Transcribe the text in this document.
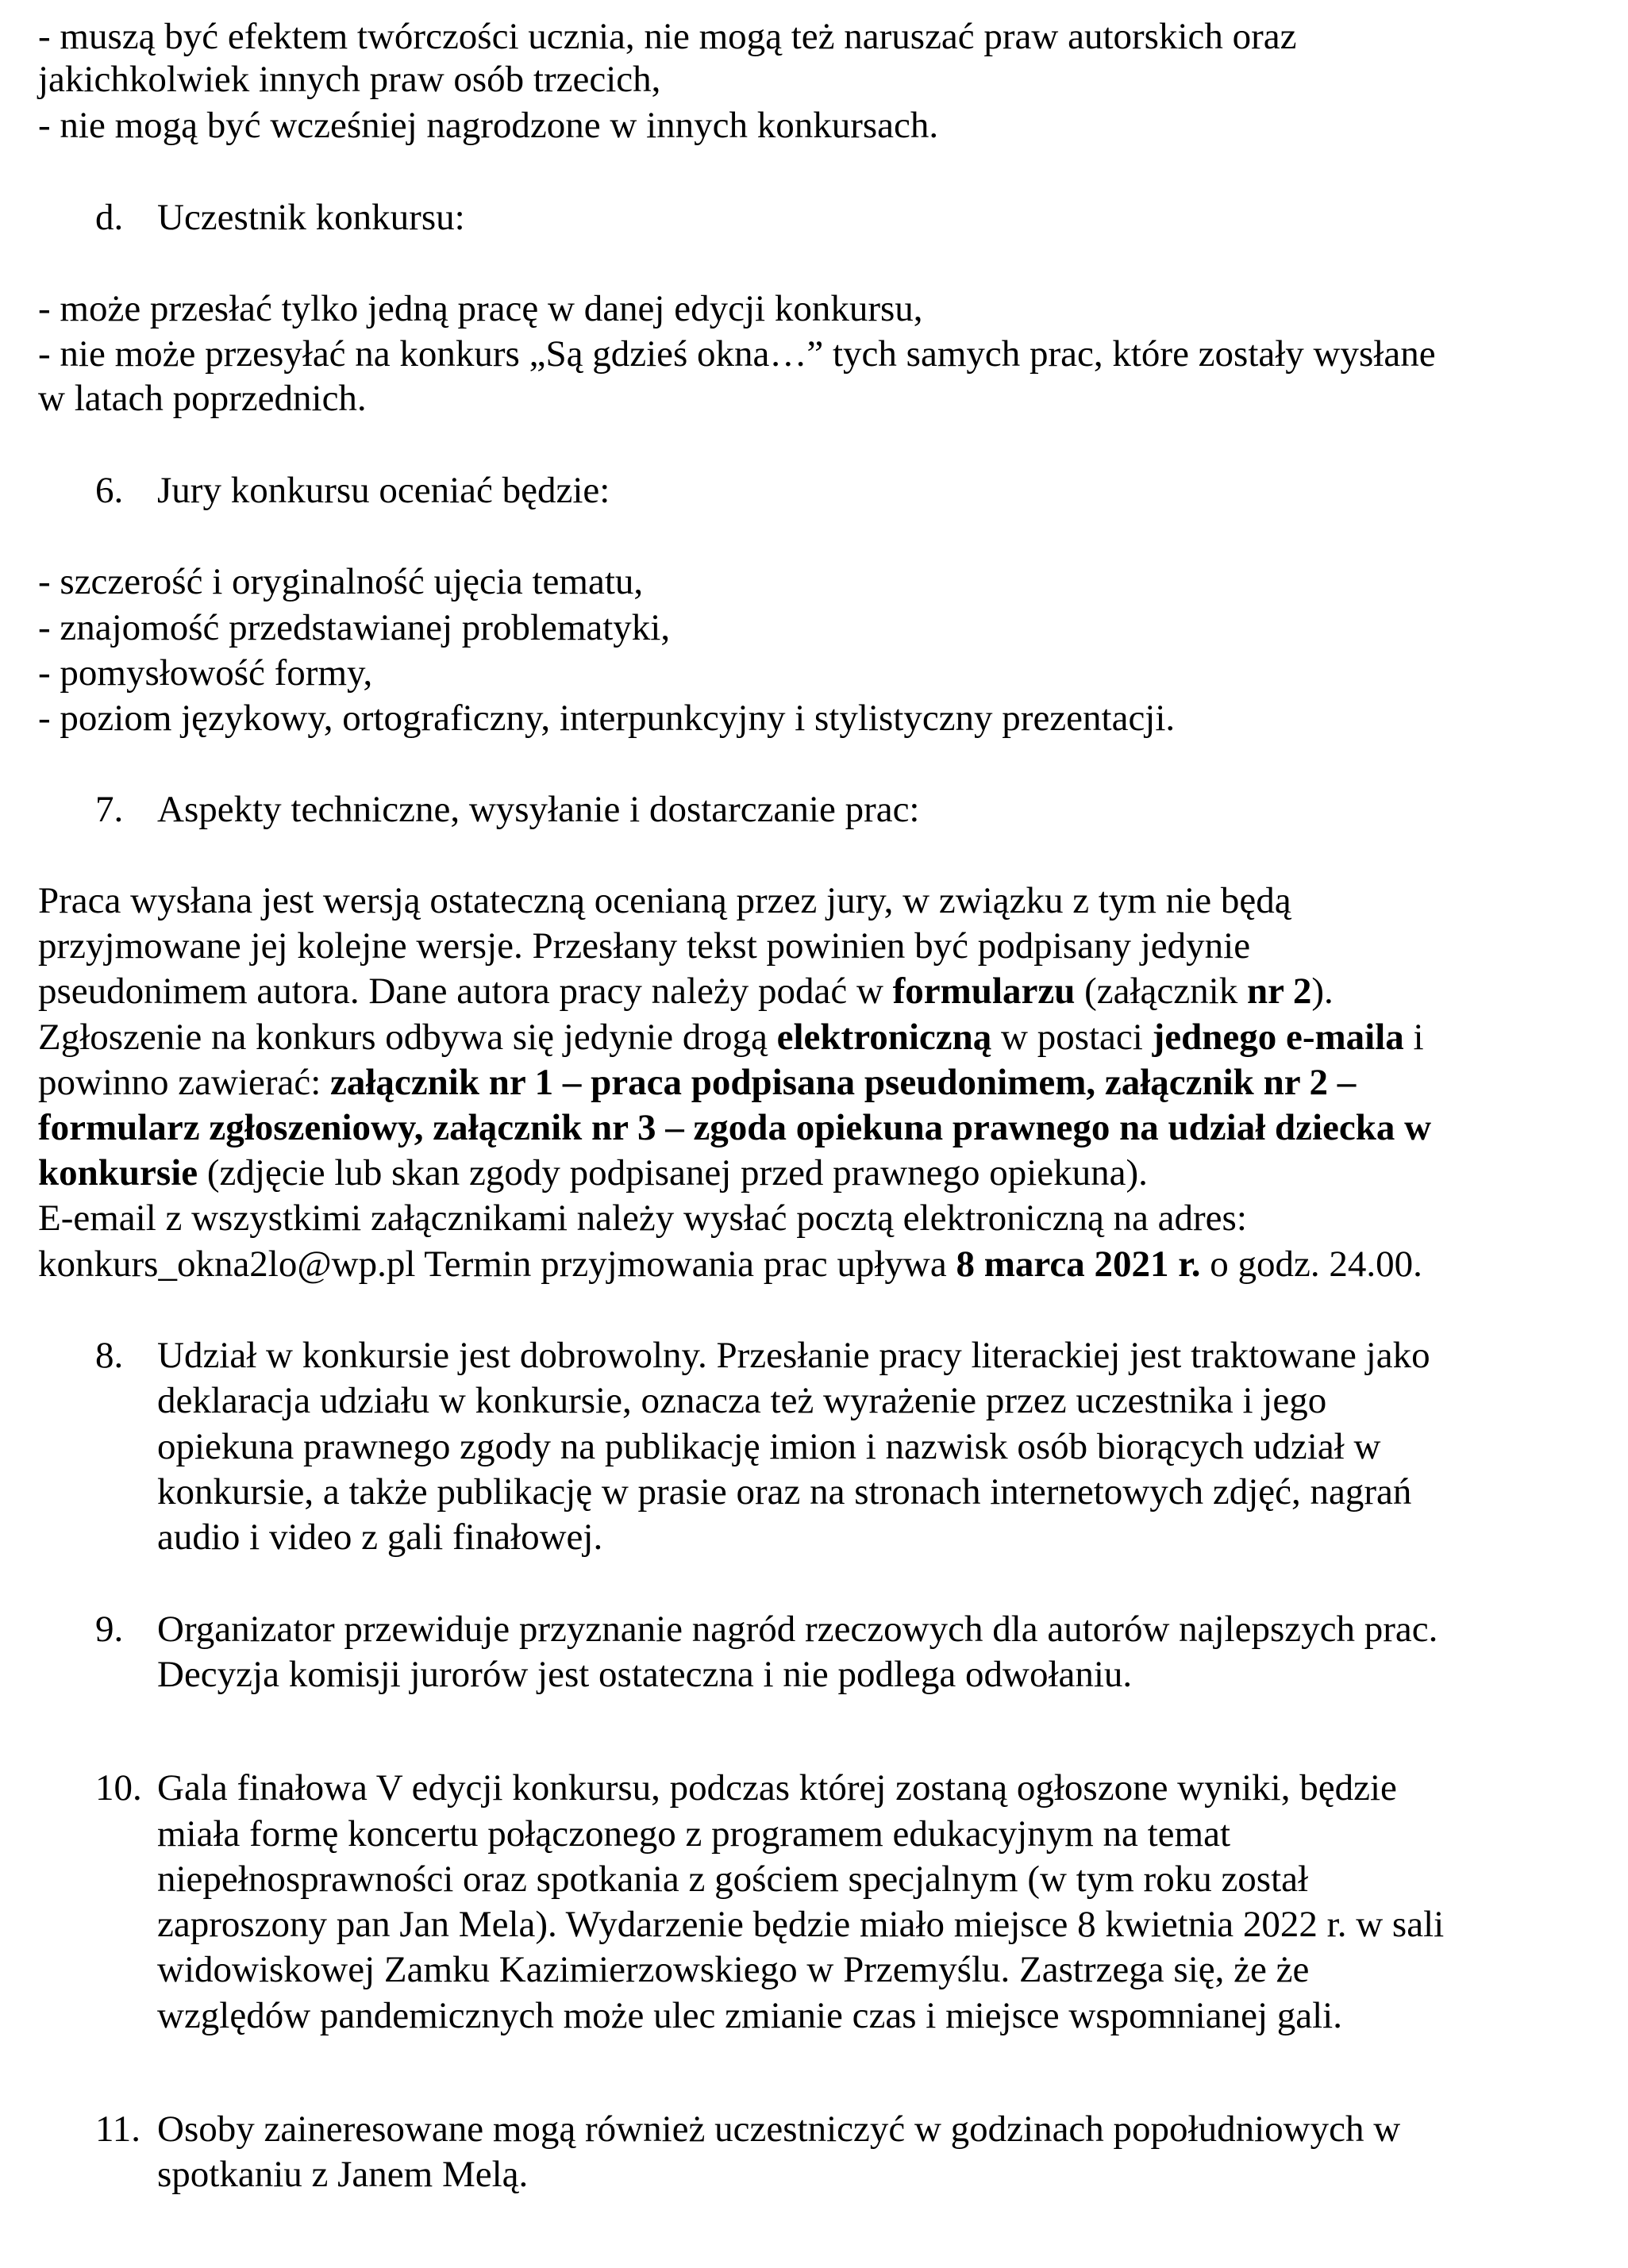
- muszą być efektem twórczości ucznia, nie mogą też naruszać praw autorskich oraz
jakichkolwiek innych praw osób trzecich,
- nie mogą być wcześniej nagrodzone w innych konkursach.
d. Uczestnik konkursu:
- może przesłać tylko jedną pracę w danej edycji konkursu,
- nie może przesyłać na konkurs „Są gdzieś okna…” tych samych prac, które zostały wysłane
w latach poprzednich.
6. Jury konkursu oceniać będzie:
- szczerość i oryginalność ujęcia tematu,
- znajomość przedstawianej problematyki,
- pomysłowość formy,
- poziom językowy, ortograficzny, interpunkcyjny i stylistyczny prezentacji.
7. Aspekty techniczne, wysyłanie i dostarczanie prac:
Praca wysłana jest wersją ostateczną ocenianą przez jury, w związku z tym nie będą
przyjmowane jej kolejne wersje. Przesłany tekst powinien być podpisany jedynie
pseudonimem autora. Dane autora pracy należy podać w formularzu (załącznik nr 2).
Zgłoszenie na konkurs odbywa się jedynie drogą elektroniczną w postaci jednego e-maila i
powinno zawierać: załącznik nr 1 – praca podpisana pseudonimem, załącznik nr 2 –
formularz zgłoszeniowy, załącznik nr 3 – zgoda opiekuna prawnego na udział dziecka w
konkursie (zdjęcie lub skan zgody podpisanej przed prawnego opiekuna).
E-email z wszystkimi załącznikami należy wysłać pocztą elektroniczną na adres:
konkurs_okna2lo@wp.pl Termin przyjmowania prac upływa 8 marca 2021 r. o godz. 24.00.
8. Udział w konkursie jest dobrowolny. Przesłanie pracy literackiej jest traktowane jako
deklaracja udziału w konkursie, oznacza też wyrażenie przez uczestnika i jego
opiekuna prawnego zgody na publikację imion i nazwisk osób biorących udział w
konkursie, a także publikację w prasie oraz na stronach internetowych zdjęć, nagrań
audio i video z gali finałowej.
9. Organizator przewiduje przyznanie nagród rzeczowych dla autorów najlepszych prac.
Decyzja komisji jurorów jest ostateczna i nie podlega odwołaniu.
10. Gala finałowa V edycji konkursu, podczas której zostaną ogłoszone wyniki, będzie
miała formę koncertu połączonego z programem edukacyjnym na temat
niepełnosprawności oraz spotkania z gościem specjalnym (w tym roku został
zaproszony pan Jan Mela). Wydarzenie będzie miało miejsce 8 kwietnia 2022 r. w sali
widowiskowej Zamku Kazimierzowskiego w Przemyślu. Zastrzega się, że że
względów pandemicznych może ulec zmianie czas i miejsce wspomnianej gali.
11. Osoby zaineresowane mogą również uczestniczyć w godzinach popołudniowych w
spotkaniu z Janem Melą.
